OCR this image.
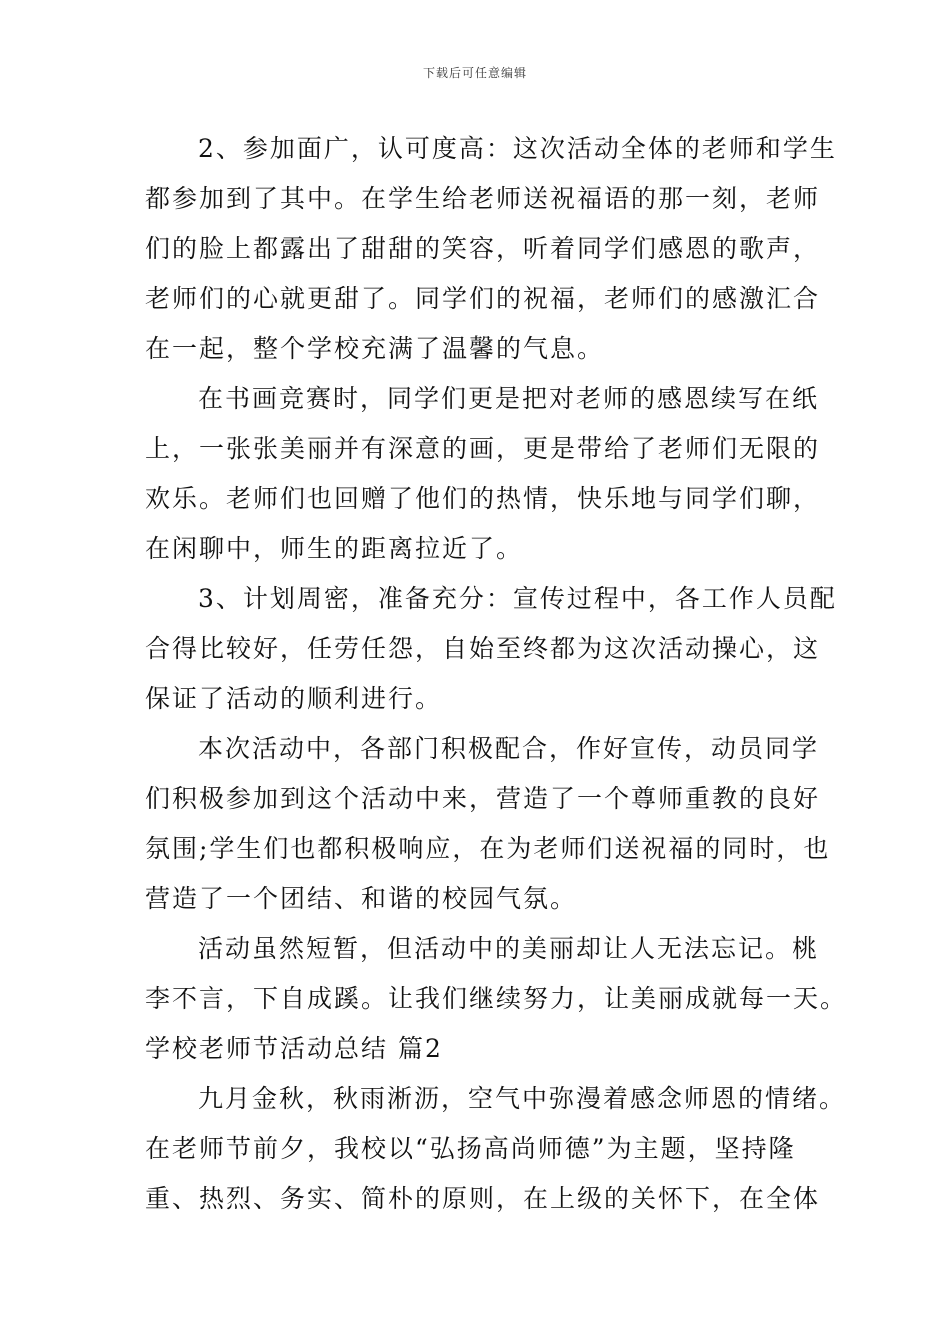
下载后可任意编辑
2、参加面广，认可度高：这次活动全体的老师和学生
都参加到了其中。在学生给老师送祝福语的那一刻，老师
们的脸上都露出了甜甜的笑容，听着同学们感恩的歌声，
老师们的心就更甜了。同学们的祝福，老师们的感激汇合
在一起，整个学校充满了温馨的气息。
在书画竞赛时，同学们更是把对老师的感恩续写在纸
上，一张张美丽并有深意的画，更是带给了老师们无限的
欢乐。老师们也回赠了他们的热情，快乐地与同学们聊，
在闲聊中，师生的距离拉近了。
3、计划周密，准备充分：宣传过程中，各工作人员配
合得比较好，任劳任怨，自始至终都为这次活动操心，这
保证了活动的顺利进行。
本次活动中，各部门积极配合，作好宣传，动员同学
们积极参加到这个活动中来，营造了一个尊师重教的良好
氛围;学生们也都积极响应，在为老师们送祝福的同时，也
营造了一个团结、和谐的校园气氛。
活动虽然短暂，但活动中的美丽却让人无法忘记。桃
李不言，下自成蹊。让我们继续努力，让美丽成就每一天。
学校老师节活动总结 篇2
九月金秋，秋雨淅沥，空气中弥漫着感念师恩的情绪。
在老师节前夕，我校以“弘扬高尚师德”为主题，坚持隆
重、热烈、务实、简朴的原则，在上级的关怀下，在全体
